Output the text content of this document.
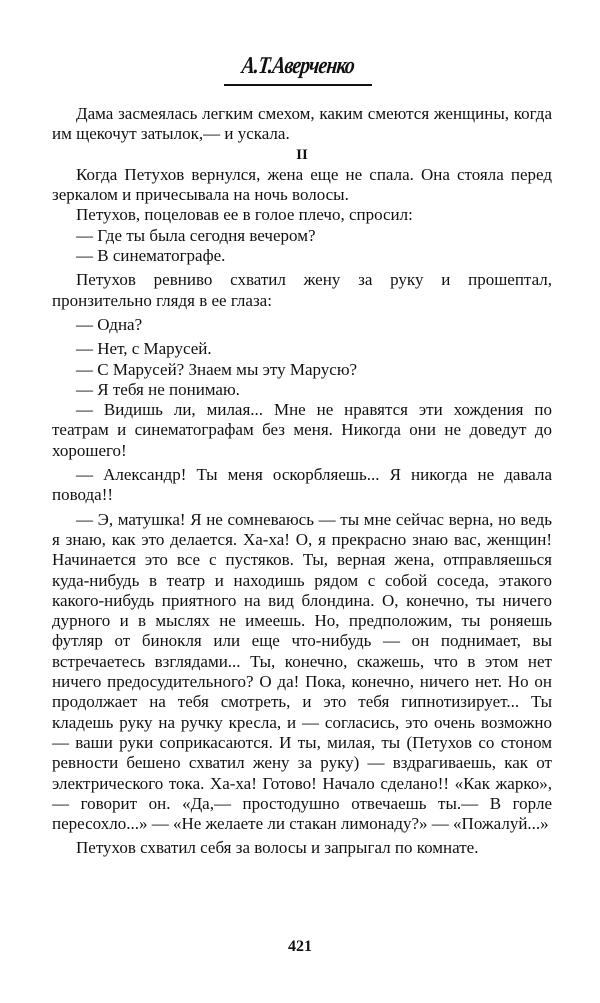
А.Т.Аверченко

Дама засмеялась легким смехом, каким смеются женщины, когда им щекочут затылок,— и ускала.

II

Когда Петухов вернулся, жена еще не спала. Она стояла перед зеркалом и причесывала на ночь волосы.

Петухов, поцеловав ее в голое плечо, спросил:

— Где ты была сегодня вечером?

— В синематографе.

Петухов ревниво схватил жену за руку и прошептал, пронзительно глядя в ее глаза:

— Одна?

— Нет, с Марусей.

— С Марусей? Знаем мы эту Марусю?

— Я тебя не понимаю.

— Видишь ли, милая... Мне не нравятся эти хождения по театрам и синематографам без меня. Никогда они не доведут до хорошего!

— Александр! Ты меня оскорбляешь... Я никогда не давала повода!!

— Э, матушка! Я не сомневаюсь — ты мне сейчас верна, но ведь я знаю, как это делается. Ха-ха! О, я прекрасно знаю вас, женщин! Начинается это все с пустяков. Ты, верная жена, отправляешься куда-нибудь в театр и находишь рядом с собой соседа, этакого какого-нибудь приятного на вид блондина. О, конечно, ты ничего дурного и в мыслях не имеешь. Но, предположим, ты роняешь футляр от бинокля или еще что-нибудь — он поднимает, вы встречаетесь взглядами... Ты, конечно, скажешь, что в этом нет ничего предосудительного? О да! Пока, конечно, ничего нет. Но он продолжает на тебя смотреть, и это тебя гипнотизирует... Ты кладешь руку на ручку кресла, и — согласись, это очень возможно — ваши руки соприкасаются. И ты, милая, ты (Петухов со стоном ревности бешено схватил жену за руку) — вздрагиваешь, как от электрического тока. Ха-ха! Готово! Начало сделано!! «Как жарко»,— говорит он. «Да,— простодушно отвечаешь ты.— В горле пересохло...» — «Не желаете ли стакан лимонаду?» — «Пожалуй...»

Петухов схватил себя за волосы и запрыгал по комнате.

421
